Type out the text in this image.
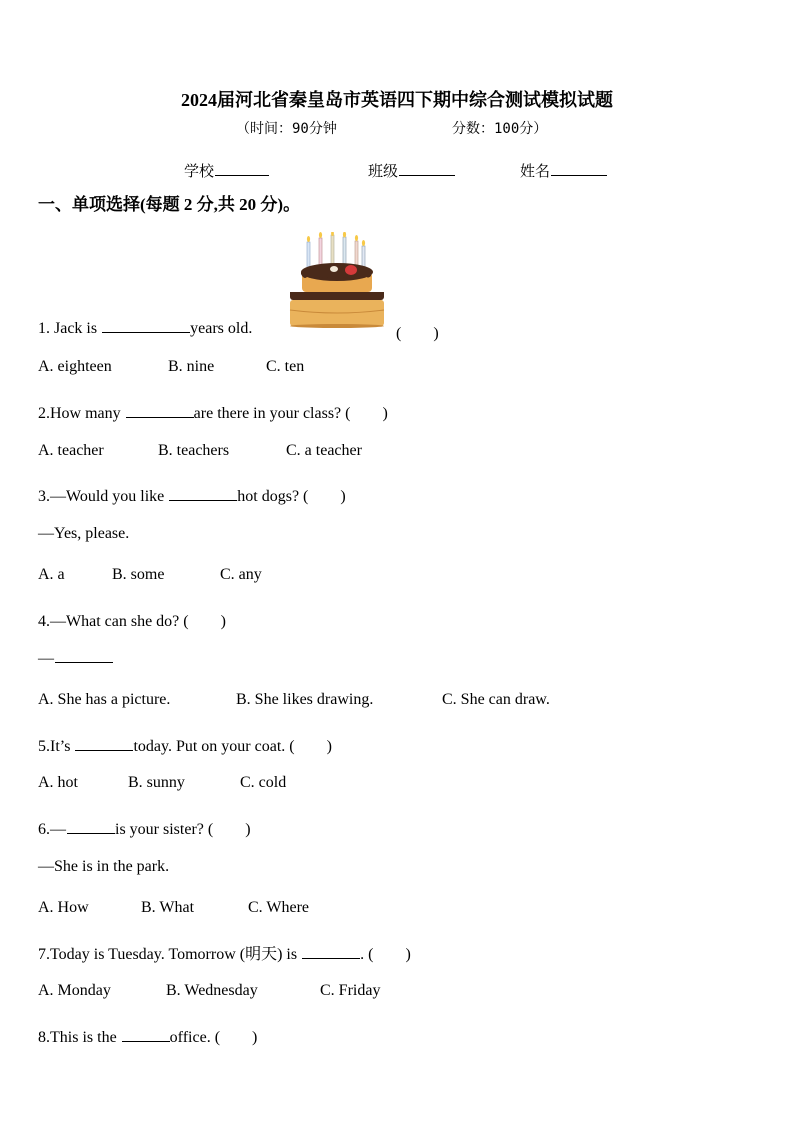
2024届河北省秦皇岛市英语四下期中综合测试模拟试题
（时间：90分钟	分数：100分）
学校	班级	姓名
一、单项选择(每题 2 分,共 20 分)。
1. Jack is	years old.	(　　)
A. eighteen	B. nine	C. ten
2.How many	are there in your class? (　　)
A. teacher	B. teachers	C. a teacher
3.—Would you like	hot dogs? (　　)
—Yes, please.
A. a	B. some	C. any
4.—What can she do? (　　)
—
A. She has a picture.	B. She likes drawing.	C. She can draw.
5.It’s	today. Put on your coat. (　　)
A. hot	B. sunny	C. cold
6.—	is your sister? (　　)
—She is in the park.
A. How	B. What	C. Where
7.Today is Tuesday. Tomorrow (明天) is	. (　　)
A. Monday	B. Wednesday	C. Friday
8.This is the	office. (　　)
